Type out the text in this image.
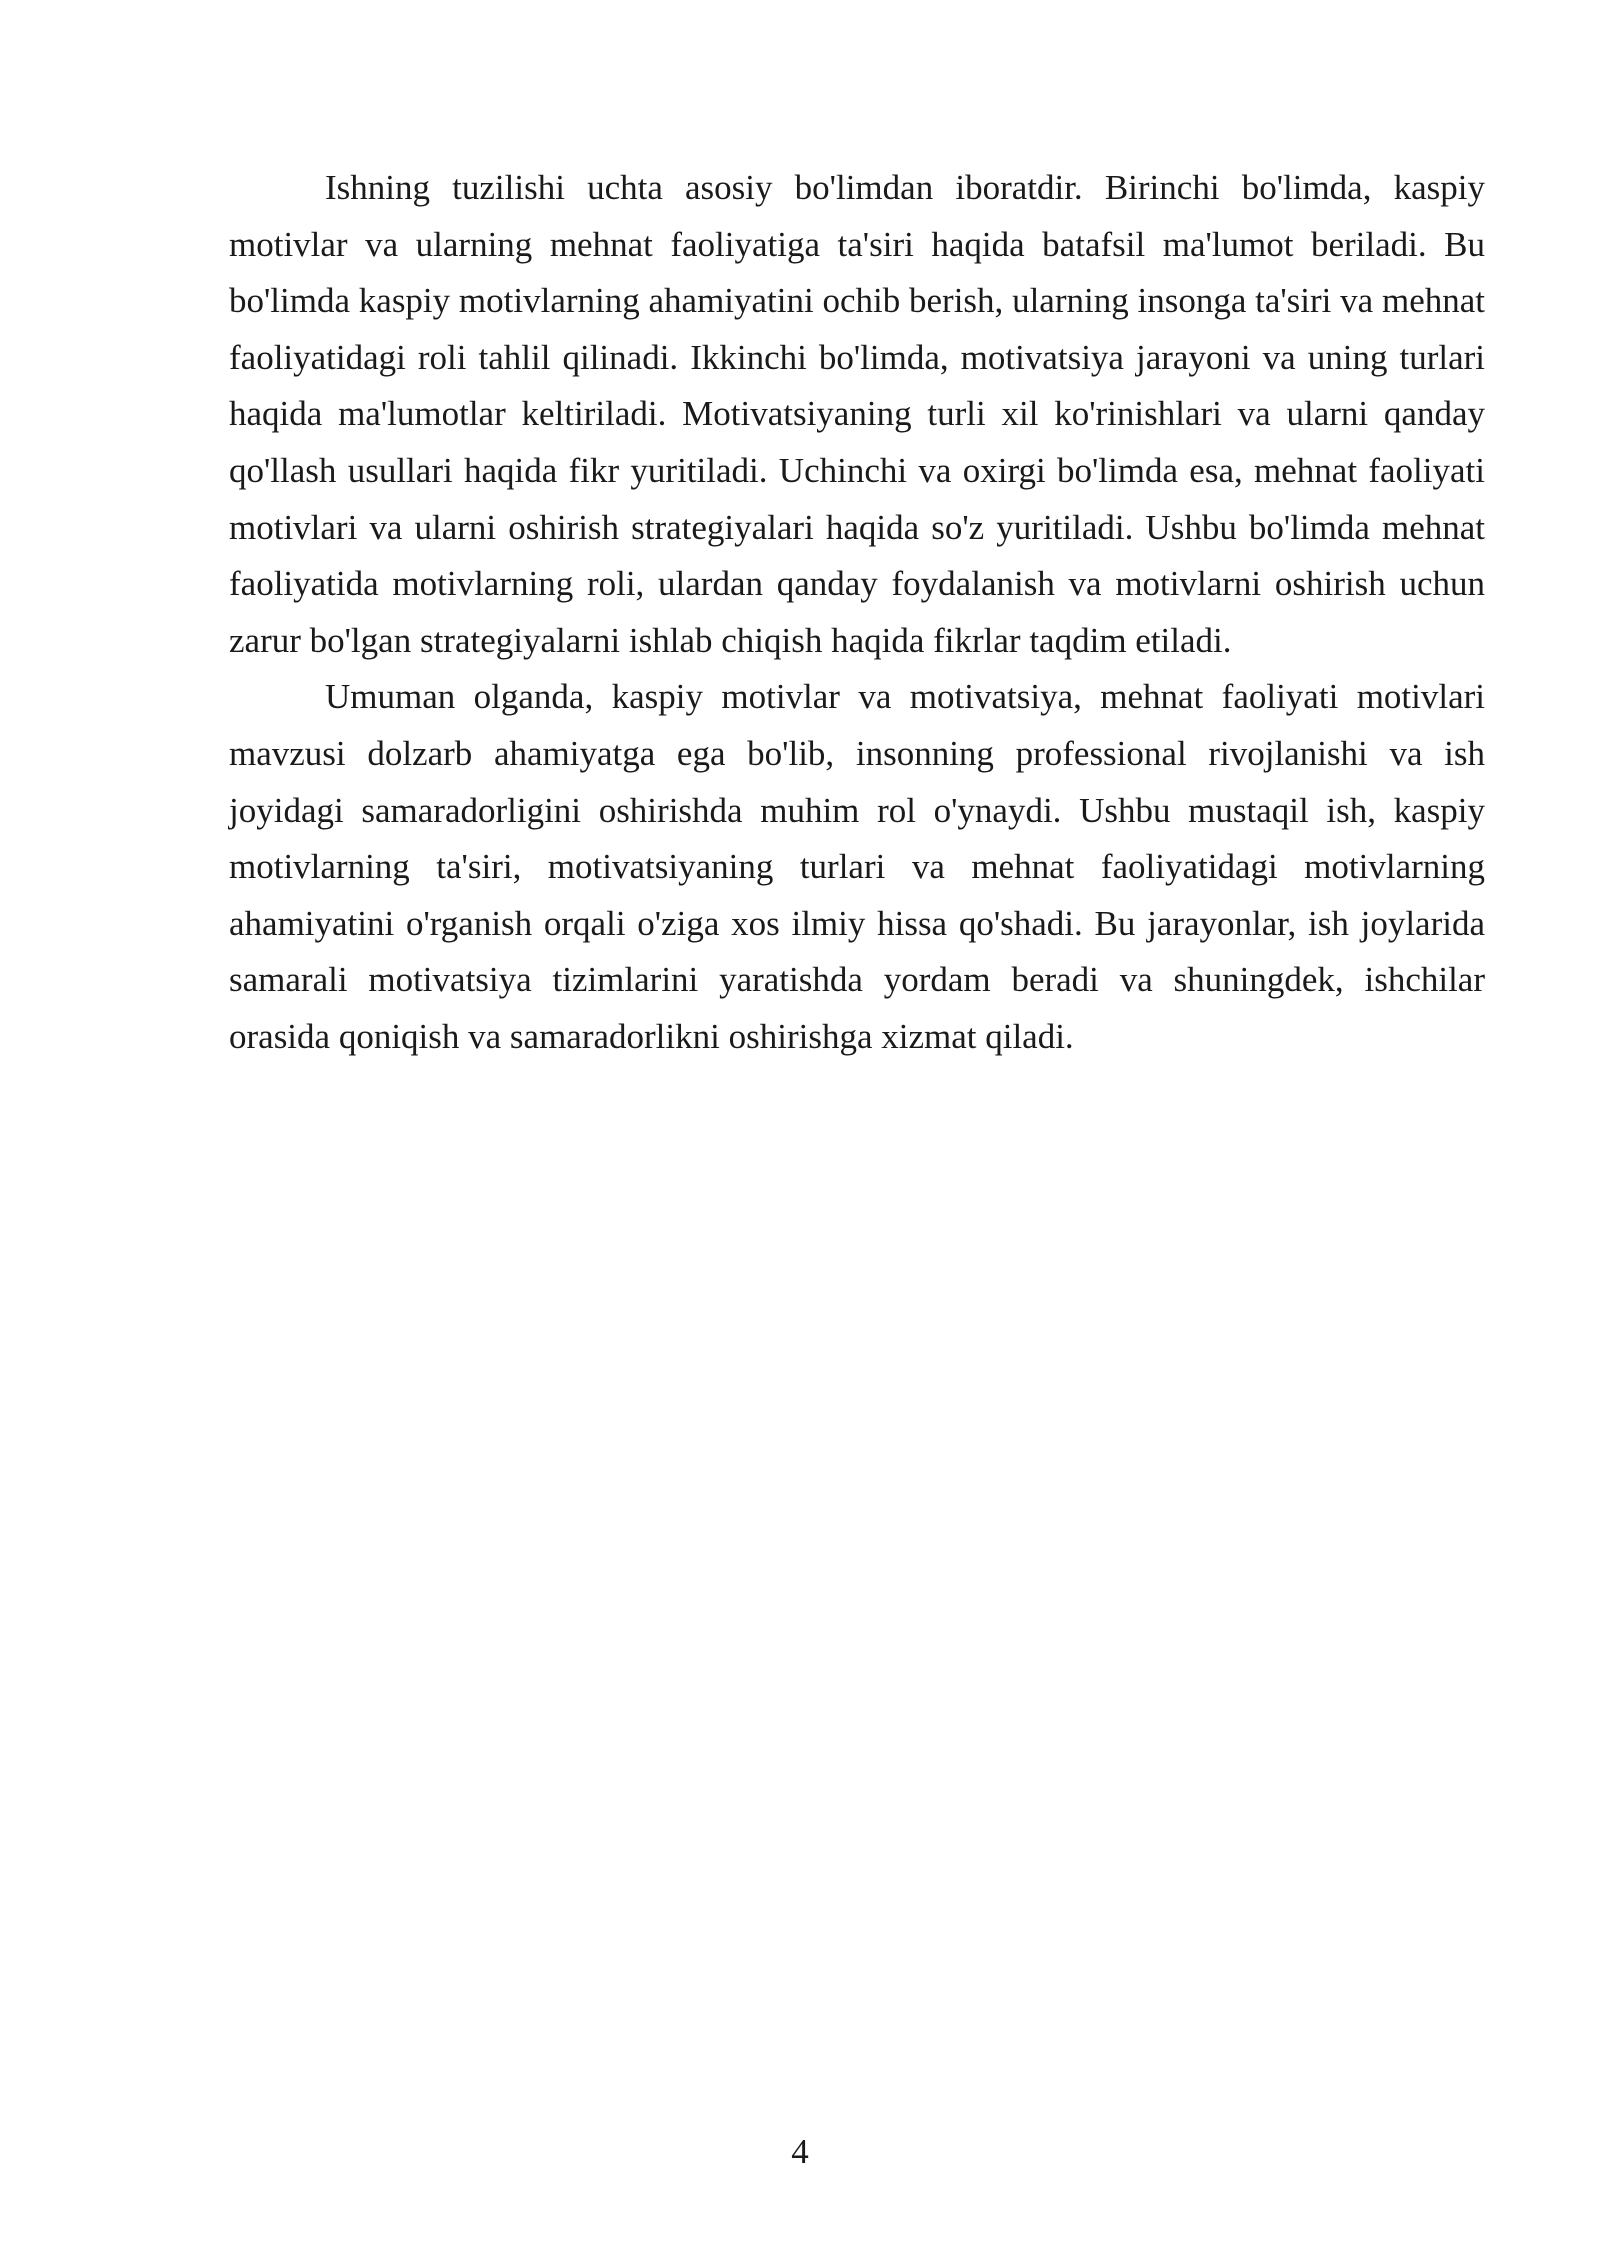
Ishning tuzilishi uchta asosiy bo'limdan iboratdir. Birinchi bo'limda, kaspiy motivlar va ularning mehnat faoliyatiga ta'siri haqida batafsil ma'lumot beriladi. Bu bo'limda kaspiy motivlarning ahamiyatini ochib berish, ularning insonga ta'siri va mehnat faoliyatidagi roli tahlil qilinadi. Ikkinchi bo'limda, motivatsiya jarayoni va uning turlari haqida ma'lumotlar keltiriladi. Motivatsiyaning turli xil ko'rinishlari va ularni qanday qo'llash usullari haqida fikr yuritiladi. Uchinchi va oxirgi bo'limda esa, mehnat faoliyati motivlari va ularni oshirish strategiyalari haqida so'z yuritiladi. Ushbu bo'limda mehnat faoliyatida motivlarning roli, ulardan qanday foydalanish va motivlarni oshirish uchun zarur bo'lgan strategiyalarni ishlab chiqish haqida fikrlar taqdim etiladi.

Umuman olganda, kaspiy motivlar va motivatsiya, mehnat faoliyati motivlari mavzusi dolzarb ahamiyatga ega bo'lib, insonning professional rivojlanishi va ish joyidagi samaradorligini oshirishda muhim rol o'ynaydi. Ushbu mustaqil ish, kaspiy motivlarning ta'siri, motivatsiyaning turlari va mehnat faoliyatidagi motivlarning ahamiyatini o'rganish orqali o'ziga xos ilmiy hissa qo'shadi. Bu jarayonlar, ish joylarida samarali motivatsiya tizimlarini yaratishda yordam beradi va shuningdek, ishchilar orasida qoniqish va samaradorlikni oshirishga xizmat qiladi.

4
